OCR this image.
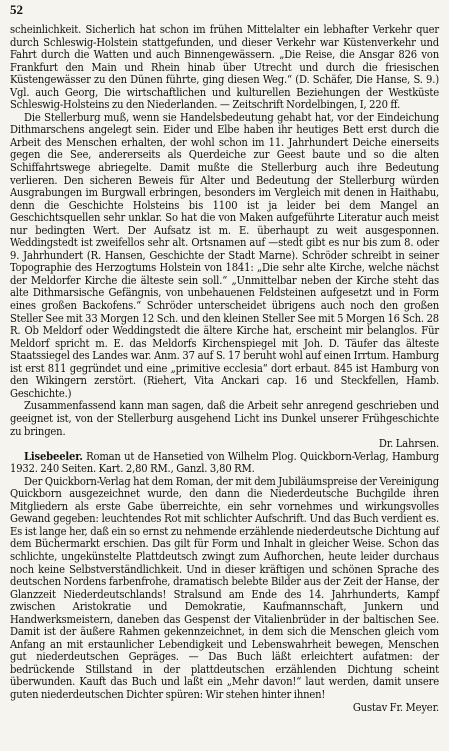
52

scheinlichkeit. Sicherlich hat schon im frühen Mittelalter ein lebhafter Verkehr quer durch Schleswig-Holstein stattgefunden, und dieser Verkehr war Küstenverkehr und Fahrt durch die Watten und auch Binnengewässern. „Die Reise, die Ansgar 826 von Frankfurt den Main und Rhein hinab über Utrecht und durch die friesischen Küstengewässer zu den Dünen führte, ging diesen Weg.“ (D. Schäfer, Die Hanse, S. 9.) Vgl. auch Georg, Die wirtschaftlichen und kulturellen Beziehungen der Westküste Schleswig-Holsteins zu den Niederlanden. — Zeitschrift Nordelbingen, I, 220 ff.

Die Stellerburg muß, wenn sie Handelsbedeutung gehabt hat, vor der Eindeichung Dithmarschens angelegt sein. Eider und Elbe haben ihr heutiges Bett erst durch die Arbeit des Menschen erhalten, der wohl schon im 11. Jahrhundert Deiche einerseits gegen die See, andererseits als Querdeiche zur Geest baute und so die alten Schiffahrtswege abriegelte. Damit mußte die Stellerburg auch ihre Bedeutung verlieren. Den sicheren Beweis für Alter und Bedeutung der Stellerburg würden Ausgrabungen im Burgwall erbringen, besonders im Vergleich mit denen in Haithabu, denn die Geschichte Holsteins bis 1100 ist ja leider bei dem Mangel an Geschichtsquellen sehr unklar. So hat die von Maken aufgeführte Literatur auch meist nur bedingten Wert. Der Aufsatz ist m. E. überhaupt zu weit ausgesponnen. Weddingstedt ist zweifellos sehr alt. Ortsnamen auf —stedt gibt es nur bis zum 8. oder 9. Jahrhundert (R. Hansen, Geschichte der Stadt Marne). Schröder schreibt in seiner Topographie des Herzogtums Holstein von 1841: „Die sehr alte Kirche, welche nächst der Meldorfer Kirche die älteste sein soll.“ „Unmittelbar neben der Kirche steht das alte Dithmarsische Gefängnis, von unbehauenen Feldsteinen aufgesetzt und in Form eines großen Backofens.“ Schröder unterscheidet übrigens auch noch den großen Steller See mit 33 Morgen 12 Sch. und den kleinen Steller See mit 5 Morgen 16 Sch. 28 R. Ob Meldorf oder Weddingstedt die ältere Kirche hat, erscheint mir belanglos. Für Meldorf spricht m. E. das Meldorfs Kirchenspiegel mit Joh. D. Täufer das älteste Staatssiegel des Landes war. Anm. 37 auf S. 17 beruht wohl auf einen Irrtum. Hamburg ist erst 811 gegründet und eine „primitive ecclesia“ dort erbaut. 845 ist Hamburg von den Wikingern zerstört. (Riehert, Vita Anckari cap. 16 und Steckfellen, Hamb. Geschichte.)

Zusammenfassend kann man sagen, daß die Arbeit sehr anregend geschrieben und geeignet ist, von der Stellerburg ausgehend Licht ins Dunkel unserer Frühgeschichte zu bringen.
Dr. Lahrsen.

Lisebeeler. Roman ut de Hansetied von Wilhelm Plog. Quickborn-Verlag, Hamburg 1932. 240 Seiten. Kart. 2,80 RM., Ganzl. 3,80 RM.

Der Quickborn-Verlag hat dem Roman, der mit dem Jubiläumspreise der Vereinigung Quickborn ausgezeichnet wurde, den dann die Niederdeutsche Buchgilde ihren Mitgliedern als erste Gabe überreichte, ein sehr vornehmes und wirkungsvolles Gewand gegeben: leuchtendes Rot mit schlichter Aufschrift. Und das Buch verdient es. Es ist lange her, daß ein so ernst zu nehmende erzählende niederdeutsche Dichtung auf dem Büchermarkt erschien. Das gilt für Form und Inhalt in gleicher Weise. Schon das schlichte, ungekünstelte Plattdeutsch zwingt zum Aufhorchen, heute leider durchaus noch keine Selbstverständlichkeit. Und in dieser kräftigen und schönen Sprache des deutschen Nordens farbenfrohe, dramatisch belebte Bilder aus der Zeit der Hanse, der Glanzzeit Niederdeutschlands! Stralsund am Ende des 14. Jahrhunderts, Kampf zwischen Aristokratie und Demokratie, Kaufmannschaft, Junkern und Handwerksmeistern, daneben das Gespenst der Vitalienbrüder in der baltischen See. Damit ist der äußere Rahmen gekennzeichnet, in dem sich die Menschen gleich vom Anfang an mit erstaunlicher Lebendigkeit und Lebenswahrheit bewegen, Menschen gut niederdeutschen Gepräges. — Das Buch läßt erleichtert aufatmen: der bedrückende Stillstand in der plattdeutschen erzählenden Dichtung scheint überwunden. Kauft das Buch und laßt ein „Mehr davon!“ laut werden, damit unsere guten niederdeutschen Dichter spüren: Wir stehen hinter ihnen!
Gustav Fr. Meyer.
